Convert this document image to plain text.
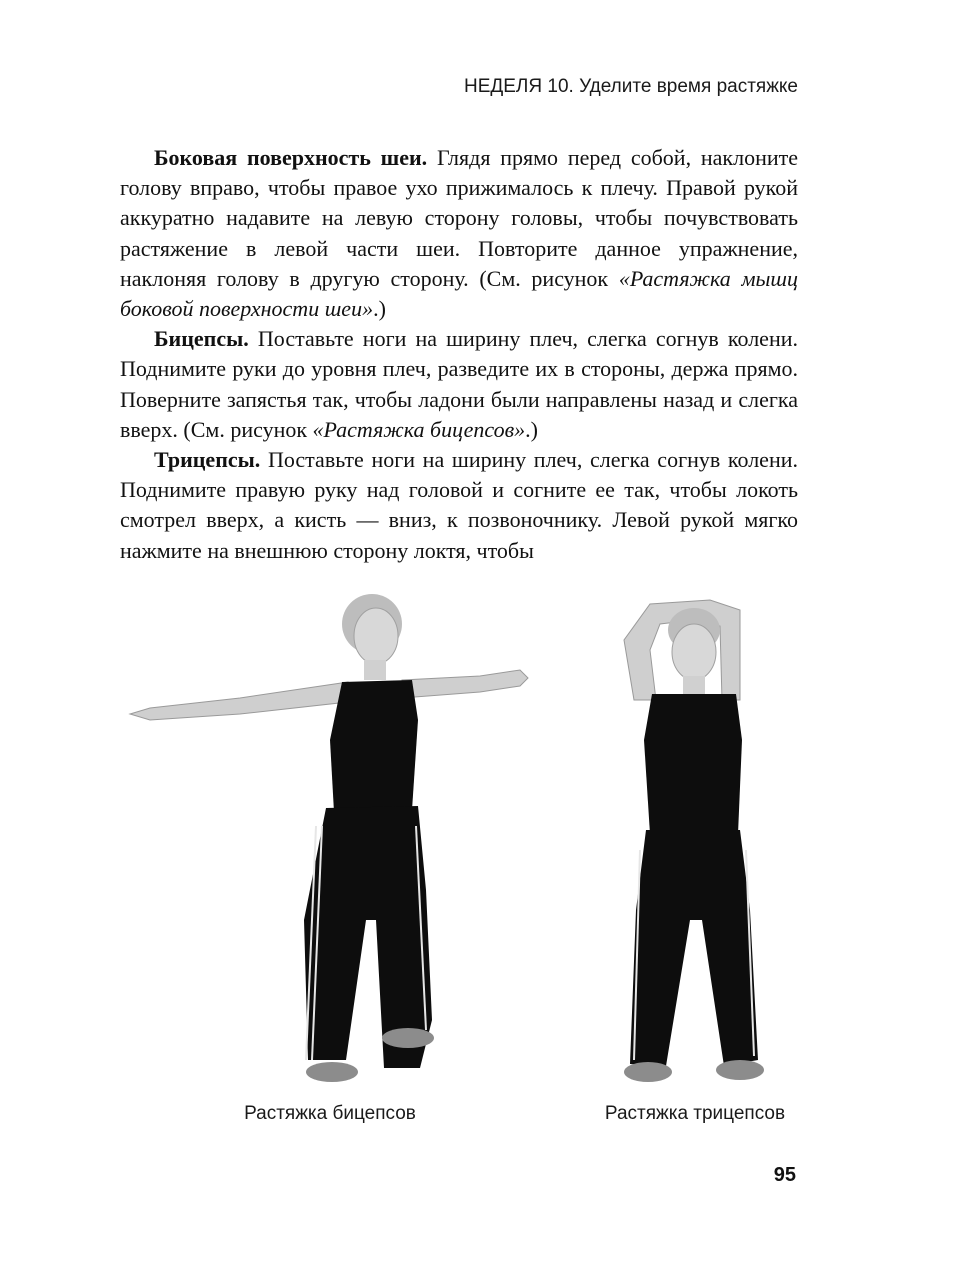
НЕДЕЛЯ 10. Уделите время растяжке

Боковая поверхность шеи. Глядя прямо перед собой, наклоните голову вправо, чтобы правое ухо прижималось к плечу. Правой рукой аккуратно надавите на левую сторону головы, чтобы почувствовать растяжение в левой части шеи. Повторите данное упражнение, наклоняя голову в другую сторону. (См. рисунок «Растяжка мышц боковой поверхности шеи».)

Бицепсы. Поставьте ноги на ширину плеч, слегка согнув колени. Поднимите руки до уровня плеч, разведите их в стороны, держа прямо. Поверните запястья так, чтобы ладони были направлены назад и слегка вверх. (См. рисунок «Растяжка бицепсов».)

Трицепсы. Поставьте ноги на ширину плеч, слегка согнув колени. Поднимите правую руку над головой и согните ее так, чтобы локоть смотрел вверх, а кисть — вниз, к позвоночнику. Левой рукой мягко нажмите на внешнюю сторону локтя, чтобы

Растяжка бицепсов	Растяжка трицепсов
95
